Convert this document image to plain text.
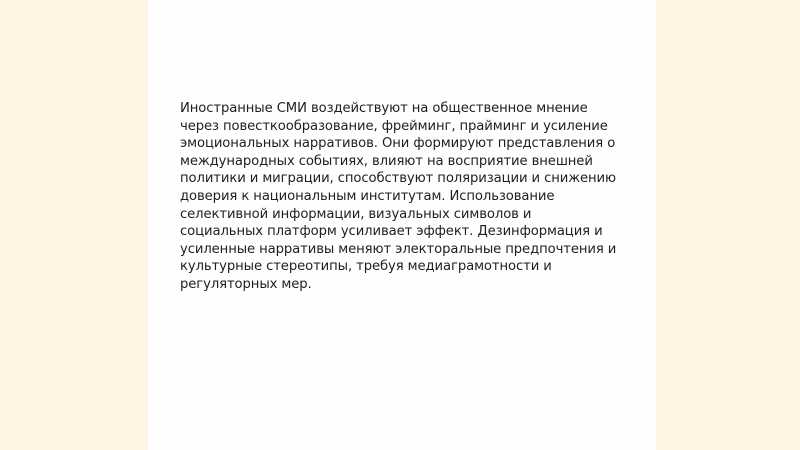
Иностранные СМИ воздействуют на общественное мнение
через повесткообразование, фрейминг, прайминг и усиление
эмоциональных нарративов. Они формируют представления о
международных событиях, влияют на восприятие внешней
политики и миграции, способствуют поляризации и снижению
доверия к национальным институтам. Использование
селективной информации, визуальных символов и
социальных платформ усиливает эффект. Дезинформация и
усиленные нарративы меняют электоральные предпочтения и
культурные стереотипы, требуя медиаграмотности и
регуляторных мер.
